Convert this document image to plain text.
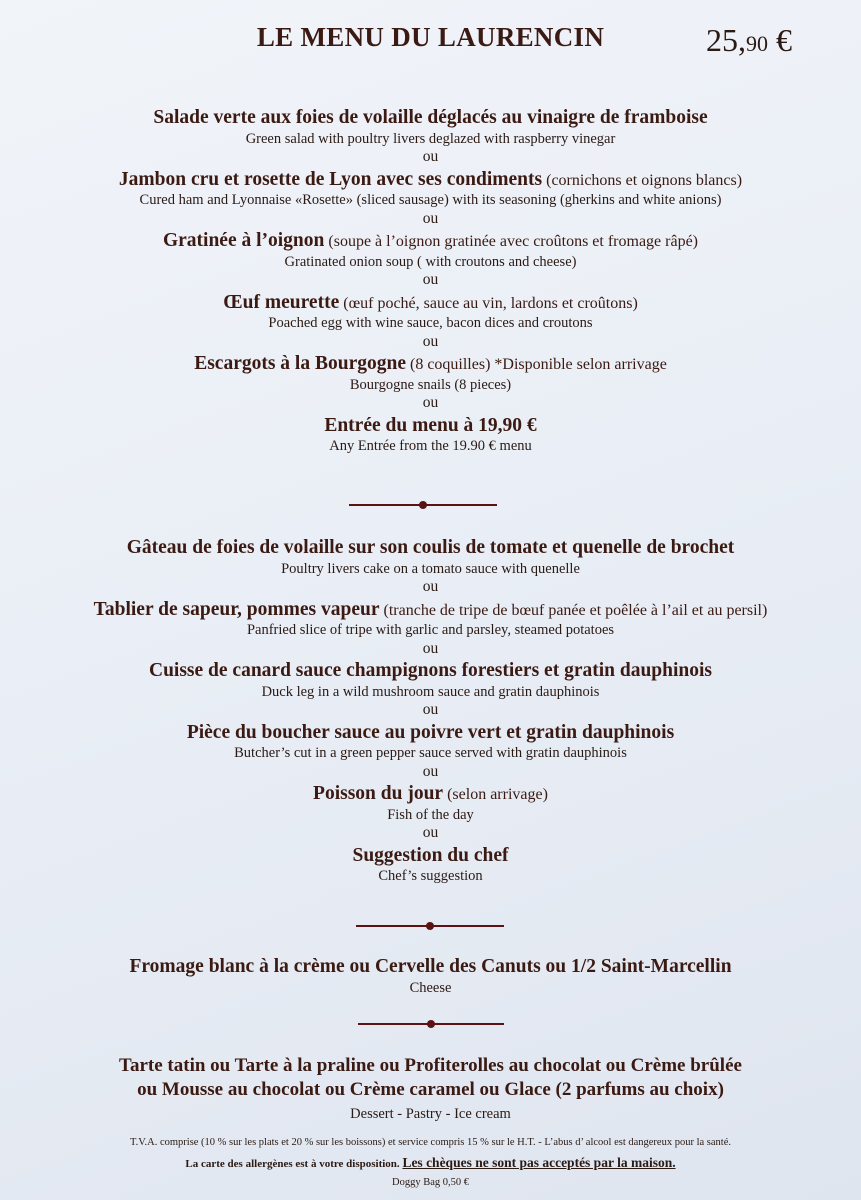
LE MENU DU LAURENCIN	25,90 €
Salade verte aux foies de volaille déglacés au vinaigre de framboise
Green salad with poultry livers deglazed with raspberry vinegar
ou
Jambon cru et rosette de Lyon avec ses condiments (cornichons et oignons blancs)
Cured ham and Lyonnaise «Rosette» (sliced sausage) with its seasoning (gherkins and white anions)
ou
Gratinée à l’oignon (soupe à l’oignon gratinée avec croûtons et fromage râpé)
Gratinated onion soup ( with croutons and cheese)
ou
Œuf meurette (œuf poché, sauce au vin, lardons et croûtons)
Poached egg with wine sauce, bacon dices and croutons
ou
Escargots à la Bourgogne (8 coquilles) *Disponible selon arrivage
Bourgogne snails (8 pieces)
ou
Entrée du menu à 19,90 €
Any Entrée from the 19.90 € menu
Gâteau de foies de volaille sur son coulis de tomate et quenelle de brochet
Poultry livers cake on a tomato sauce with quenelle
ou
Tablier de sapeur, pommes vapeur (tranche de tripe de bœuf panée et poêlée à l’ail et au persil)
Panfried slice of tripe with garlic and parsley, steamed potatoes
ou
Cuisse de canard sauce champignons forestiers et gratin dauphinois
Duck leg in a wild mushroom sauce and gratin dauphinois
ou
Pièce du boucher sauce au poivre vert et gratin dauphinois
Butcher’s cut in a green pepper sauce served with gratin dauphinois
ou
Poisson du jour (selon arrivage)
Fish of the day
ou
Suggestion du chef
Chef’s suggestion
Fromage blanc à la crème ou Cervelle des Canuts ou 1/2 Saint-Marcellin
Cheese
Tarte tatin ou Tarte à la praline ou Profiterolles au chocolat ou Crème brûlée
ou Mousse au chocolat ou Crème caramel ou Glace (2 parfums au choix)
Dessert - Pastry - Ice cream
T.V.A. comprise (10 % sur les plats et 20 % sur les boissons) et service compris 15 % sur le H.T. - L’abus d’ alcool est dangereux pour la santé.
La carte des allergènes est à votre disposition. Les chèques ne sont pas acceptés par la maison.
Doggy Bag 0,50 €
